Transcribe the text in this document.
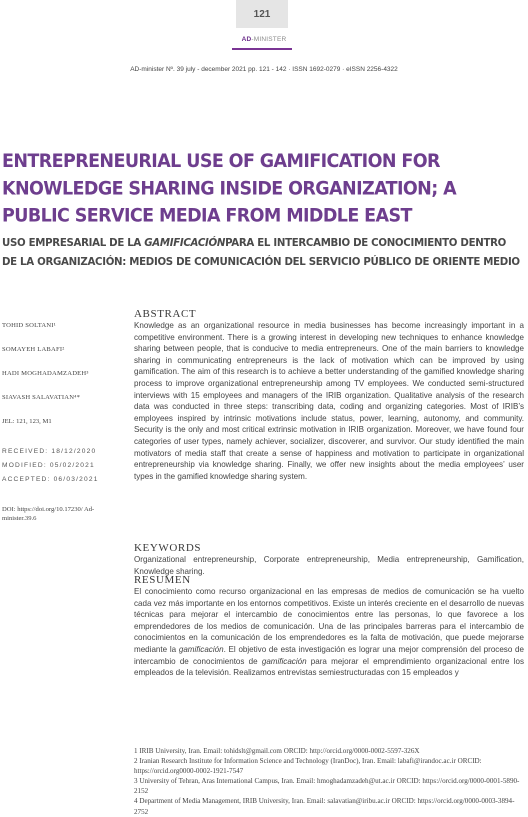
121
AD-MINISTER
AD-minister Nº. 39 july - december 2021 pp. 121 - 142 · ISSN 1692-0279 · eISSN 2256-4322
ENTREPRENEURIAL USE OF GAMIFICATION FOR KNOWLEDGE SHARING INSIDE ORGANIZATION; A PUBLIC SERVICE MEDIA FROM MIDDLE EAST
USO EMPRESARIAL DE LA GAMIFICACIÓNPARA EL INTERCAMBIO DE CONOCIMIENTO DENTRO DE LA ORGANIZACIÓN: MEDIOS DE COMUNICACIÓN DEL SERVICIO PÚBLICO DE ORIENTE MEDIO
TOHID SOLTANI¹
SOMAYEH LABAFI²
HADI MOGHADAMZADEH³
SIAVASH SALAVATIAN⁴*
JEL: 121, 123, M1
RECEIVED: 18/12/2020
MODIFIED: 05/02/2021
ACCEPTED: 06/03/2021
DOI: https://doi.org/10.17230/ Ad-minister.39.6
ABSTRACT

Knowledge as an organizational resource in media businesses has become increasingly important in a competitive environment. There is a growing interest in developing new techniques to enhance knowledge sharing between people, that is conducive to media entrepreneurs. One of the main barriers to knowledge sharing in communicating entrepreneurs is the lack of motivation which can be improved by using gamification. The aim of this research is to achieve a better understanding of the gamified knowledge sharing process to improve organizational entrepreneurship among TV employees. We conducted semi-structured interviews with 15 employees and managers of the IRIB organization. Qualitative analysis of the research data was conducted in three steps: transcribing data, coding and organizing categories. Most of IRIB’s employees inspired by intrinsic motivations include status, power, learning, autonomy, and community. Security is the only and most critical extrinsic motivation in IRIB organization. Moreover, we have found four categories of user types, namely achiever, socializer, discoverer, and survivor. Our study identified the main motivators of media staff that create a sense of happiness and motivation to participate in organizational entrepreneurship via knowledge sharing. Finally, we offer new insights about the media employees’ user types in the gamified knowledge sharing system.

KEYWORDS

Organizational entrepreneurship, Corporate entrepreneurship, Media entrepreneurship, Gamification, Knowledge sharing.

RESUMEN

El conocimiento como recurso organizacional en las empresas de medios de comunicación se ha vuelto cada vez más importante en los entornos competitivos. Existe un interés creciente en el desarrollo de nuevas técnicas para mejorar el intercambio de conocimientos entre las personas, lo que favorece a los emprendedores de los medios de comunicación. Una de las principales barreras para el intercambio de conocimientos en la comunicación de los emprendedores es la falta de motivación, que puede mejorarse mediante la gamificación. El objetivo de esta investigación es lograr una mejor comprensión del proceso de intercambio de conocimientos de gamificación para mejorar el emprendimiento organizacional entre los empleados de la televisión. Realizamos entrevistas semiestructuradas con 15 empleados y

1 IRIB University, Iran. Email: tohidslt@gmail.com ORCID: http://orcid.org/0000-0002-5597-326X

2 Iranian Research Institute for Information Science and Technology (IranDoc), Iran. Email: labafi@irandoc.ac.ir ORCID: https://orcid.org0000-0002-1921-7547

3 University of Tehran, Aras International Campus, Iran. Email: hmoghadamzadeh@ut.ac.ir ORCID: https://orcid.org/0000-0001-5890-2152

4 Department of Media Management, IRIB University, Iran. Email: salavatian@iribu.ac.ir ORCID: https://orcid.org/0000-0003-3894-2752
